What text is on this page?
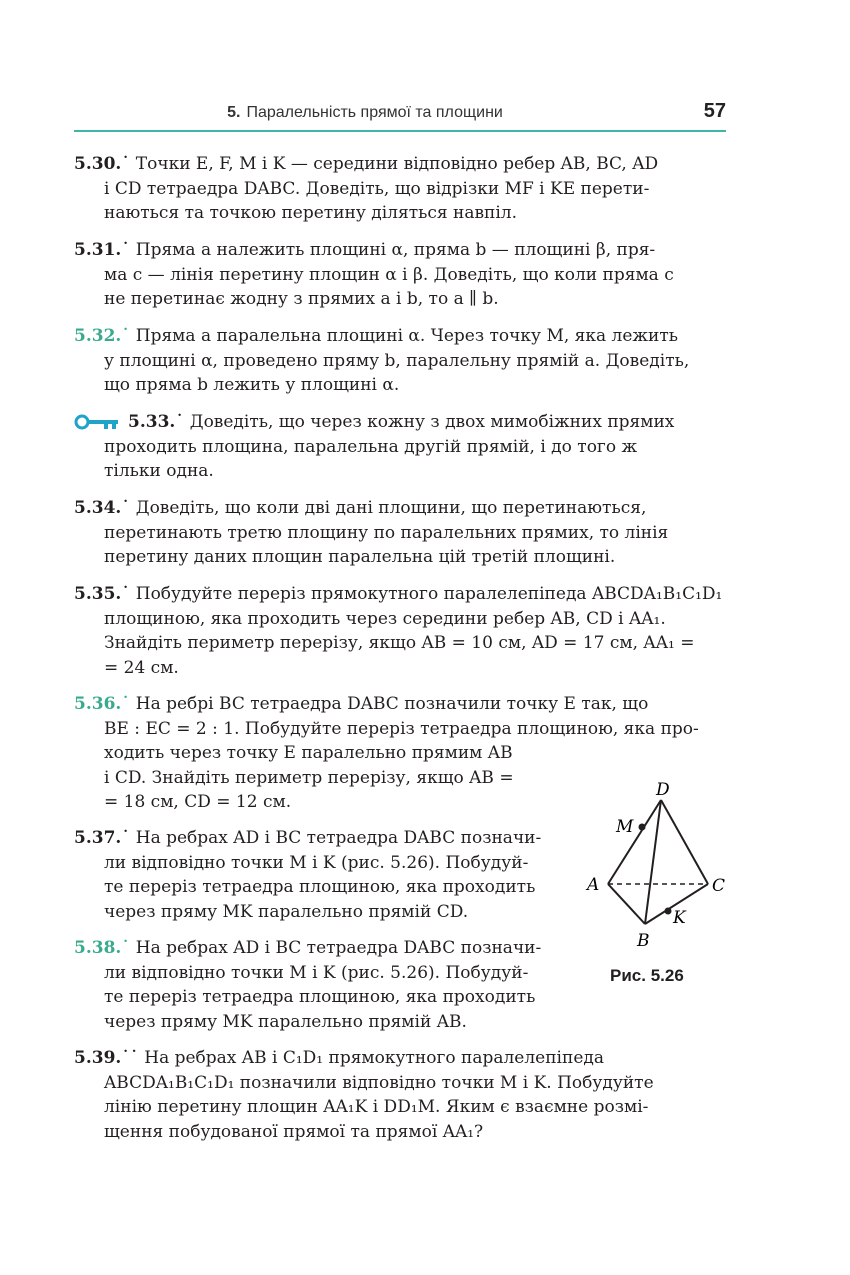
5. Паралельність прямої та площини	57
5.30.˙ Точки E, F, M і K — середини відповідно ребер AB, BC, AD
і CD тетраедра DABC. Доведіть, що відрізки MF і KE перети-
наються та точкою перетину діляться навпіл.
5.31.˙ Пряма a належить площині α, пряма b — площині β, пря-
ма c — лінія перетину площин α і β. Доведіть, що коли пряма c
не перетинає жодну з прямих a і b, то a ∥ b.
5.32.˙ Пряма a паралельна площині α. Через точку M, яка лежить
у площині α, проведено пряму b, паралельну прямій a. Доведіть,
що пряма b лежить у площині α.
5.33.˙ Доведіть, що через кожну з двох мимобіжних прямих
проходить площина, паралельна другій прямій, і до того ж
тільки одна.
5.34.˙ Доведіть, що коли дві дані площини, що перетинаються,
перетинають третю площину по паралельних прямих, то лінія
перетину даних площин паралельна цій третій площині.
5.35.˙ Побудуйте переріз прямокутного паралелепіпеда ABCDA₁B₁C₁D₁
площиною, яка проходить через середини ребер AB, CD і AA₁.
Знайдіть периметр перерізу, якщо AB = 10 см, AD = 17 см, AA₁ =
= 24 см.
5.36.˙ На ребрі BC тетраедра DABC позначили точку E так, що
BE : EC = 2 : 1. Побудуйте переріз тетраедра площиною, яка про-
ходить через точку E паралельно прямим AB
і CD. Знайдіть периметр перерізу, якщо AB =
= 18 см, CD = 12 см.
5.37.˙ На ребрах AD і BC тетраедра DABC позначи-
ли відповідно точки M і K (рис. 5.26). Побудуй-
те переріз тетраедра площиною, яка проходить
через пряму MK паралельно прямій CD.
5.38.˙ На ребрах AD і BC тетраедра DABC позначи-
ли відповідно точки M і K (рис. 5.26). Побудуй-
те переріз тетраедра площиною, яка проходить
через пряму MK паралельно прямій AB.
5.39.˙˙ На ребрах AB і C₁D₁ прямокутного паралелепіпеда
ABCDA₁B₁C₁D₁ позначили відповідно точки M і K. Побудуйте
лінію перетину площин AA₁K і DD₁M. Яким є взаємне розмі-
щення побудованої прямої та прямої AA₁?
D
M
A	C
K
B
Рис. 5.26
